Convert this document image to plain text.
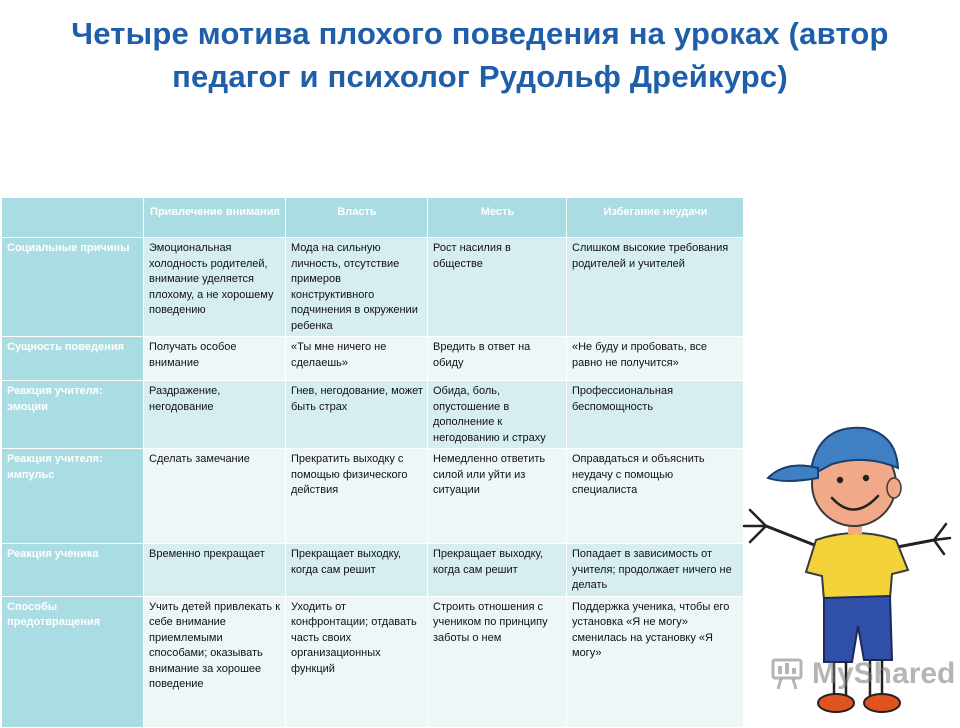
Четыре мотива плохого поведения на уроках (автор педагог и психолог Рудольф Дрейкурс)
	Привлечение внимания	Власть	Месть	Избегание неудачи
Социальные причины	Эмоциональная холодность родителей, внимание уделяется плохому, а не хорошему поведению	Мода на сильную личность, отсутствие примеров конструктивного подчинения в окружении ребенка	Рост насилия в обществе	Слишком высокие требования родителей и учителей
Сущность поведения	Получать особое внимание	«Ты мне ничего не сделаешь»	Вредить в ответ на обиду	«Не буду и пробовать, все равно не получится»
Реакция учителя: эмоции	Раздражение, негодование	Гнев, негодование, может быть страх	Обида, боль, опустошение в дополнение к негодованию и страху	Профессиональная беспомощность
Реакция учителя: импульс	Сделать замечание	Прекратить выходку с помощью физического действия	Немедленно ответить силой или уйти из ситуации	Оправдаться и объяснить неудачу с помощью специалиста
Реакция ученика	Временно прекращает	Прекращает выходку, когда сам решит	Прекращает выходку, когда сам решит	Попадает в зависимость от учителя; продолжает ничего не делать
Способы предотвращения	Учить детей привлекать к себе внимание приемлемыми способами; оказывать внимание за хорошее поведение	Уходить от конфронтации; отдавать часть своих организационных функций	Строить отношения с учеником по принципу заботы о нем	Поддержка ученика, чтобы его установка «Я не могу» сменилась на установку «Я могу»
MyShared
